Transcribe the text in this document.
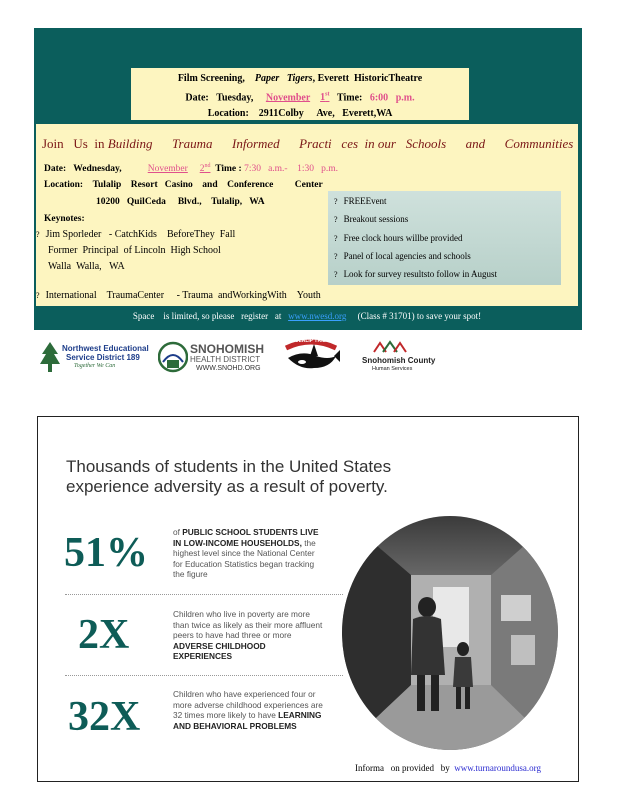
Film Screening, Paper Tigers, Everett HistoricTheatre
Date: Tuesday, November 1st Time: 6:00 p.m.
Location: 2911Colby Ave, Everett,WA
Join Us in Building Trauma Informed Practi ces in our Schools and Communities
Date: Wednesday,	November 2nd Time : 7:30 a.m.- 1:30 p.m.
Location: Tulalip Resort Casino and Conference Center
10200 QuilCeda Blvd., Tulalip, WA
Keynotes:
? Jim Sporleder - CatchKids BeforeThey Fall
Former Principal of Lincoln High School
Walla Walla, WA
? International TraumaCenter - Trauma andWorkingWith Youth
? FREEEvent
? Breakout sessions
? Free clock hours willbe provided
? Panel of local agencies and schools
? Look for survey resultsto follow in August
Space is limited, so please register at www.nwesd.org (Class # 31701) to save your spot!
Northwest Educational
Service District 189
Together We Can
SNOHOMISH
HEALTH DISTRICT
WWW.SNOHD.ORG
TULALIP TRIBES
Snohomish County
Human Services
Thousands of students in the United States
experience adversity as a result of poverty.
51%	of PUBLIC SCHOOL STUDENTS LIVE IN LOW-INCOME HOUSEHOLDS, the highest level since the National Center for Education Statistics began tracking the figure
2X	Children who live in poverty are more than twice as likely as their more affluent peers to have had three or more ADVERSE CHILDHOOD EXPERIENCES
32X	Children who have experienced four or more adverse childhood experiences are 32 times more likely to have LEARNING AND BEHAVIORAL PROBLEMS
Informa on provided by www.turnaroundusa.org
